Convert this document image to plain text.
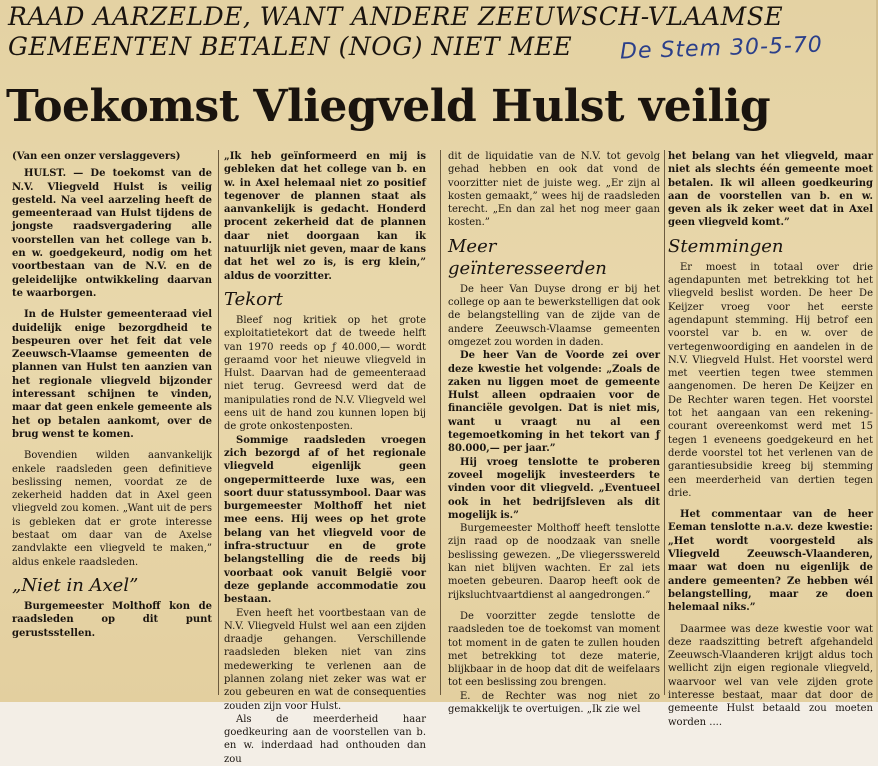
RAAD AARZELDE, WANT ANDERE ZEEUWSCH-VLAAMSE
GEMEENTEN BETALEN (NOG) NIET MEE	De Stem 30-5-70
Toekomst Vliegveld Hulst veilig

(Van een onzer verslaggevers)

HULST. — De toekomst van de N.V. Vliegveld Hulst is veilig gesteld. Na veel aarzeling heeft de gemeenteraad van Hulst tijdens de jongste raadsvergadering alle voorstellen van het college van b. en w. goedgekeurd, nodig om het voortbestaan van de N.V. en de geleidelijke ontwikkeling daarvan te waarborgen.

In de Hulster gemeenteraad viel duidelijk enige bezorgdheid te bespeuren over het feit dat vele Zeeuwsch-Vlaamse gemeenten de plannen van Hulst ten aanzien van het regionale vliegveld bijzonder interessant schijnen te vinden, maar dat geen enkele gemeente als het op betalen aankomt, over de brug wenst te komen.

Bovendien wilden aanvankelijk enkele raadsleden geen definitieve beslissing nemen, voordat ze de zekerheid hadden dat in Axel geen vliegveld zou komen. „Want uit de pers is gebleken dat er grote interesse bestaat om daar van de Axelse zandvlakte een vliegveld te maken,” aldus enkele raadsleden.

„Niet in Axel”

Burgemeester Molthoff kon de raadsleden op dit punt gerustsstellen.

„Ik heb geïnformeerd en mij is gebleken dat het college van b. en w. in Axel helemaal niet zo positief tegenover de plannen staat als aanvankelijk is gedacht. Honderd procent zekerheid dat de plannen daar niet doorgaan kan ik natuurlijk niet geven, maar de kans dat het wel zo is, is erg klein,” aldus de voorzitter.

Tekort

Bleef nog kritiek op het grote exploitatietekort dat de tweede helft van 1970 reeds op ƒ 40.000,— wordt geraamd voor het nieuwe vliegveld in Hulst. Daarvan had de gemeenteraad niet terug. Gevreesd werd dat de manipulaties rond de N.V. Vliegveld wel eens uit de hand zou kunnen lopen bij de grote onkostenposten.

Sommige raadsleden vroegen zich bezorgd af of het regionale vliegveld eigenlijk geen ongepermitteerde luxe was, een soort duur statussymbool. Daar was burgemeester Molthoff het niet mee eens. Hij wees op het grote belang van het vliegveld voor de infra-structuur en de grote belangstelling die de reeds bij voorbaat ook vanuit België voor deze geplande accommodatie zou bestaan.

Even heeft het voortbestaan van de N.V. Vliegveld Hulst wel aan een zijden draadje gehangen. Verschillende raadsleden bleken niet van zins medewerking te verlenen aan de plannen zolang niet zeker was wat er zou gebeuren en wat de consequenties zouden zijn voor Hulst.

Als de meerderheid haar goedkeuring aan de voorstellen van b. en w. inderdaad had onthouden dan zou

dit de liquidatie van de N.V. tot gevolg gehad hebben en ook dat vond de voorzitter niet de juiste weg. „Er zijn al kosten gemaakt,” wees hij de raadsleden terecht. „En dan zal het nog meer gaan kosten.”

Meer geïnteresseerden

De heer Van Duyse drong er bij het college op aan te bewerkstelligen dat ook de belangstelling van de zijde van de andere Zeeuwsch-Vlaamse gemeenten omgezet zou worden in daden.

De heer Van de Voorde zei over deze kwestie het volgende: „Zoals de zaken nu liggen moet de gemeente Hulst alleen opdraaien voor de financiële gevolgen. Dat is niet mis, want u vraagt nu al een tegemoetkoming in het tekort van ƒ 80.000,— per jaar.”

Hij vroeg tenslotte te proberen zoveel mogelijk investeerders te vinden voor dit vliegveld. „Eventueel ook in het bedrijfsleven als dit mogelijk is.”

Burgemeester Molthoff heeft tenslotte zijn raad op de noodzaak van snelle beslissing gewezen. „De vliegersswereld kan niet blijven wachten. Er zal iets moeten gebeuren. Daarop heeft ook de rijksluchtvaartdienst al aangedrongen.”

De voorzitter zegde tenslotte de raadsleden toe de toekomst van moment tot moment in de gaten te zullen houden met betrekking tot deze materie, blijkbaar in de hoop dat dit de weifelaars tot een beslissing zou brengen.

E. de Rechter was nog niet zo gemakkelijk te overtuigen. „Ik zie wel

het belang van het vliegveld, maar niet als slechts één gemeente moet betalen. Ik wil alleen goedkeuring aan de voorstellen van b. en w. geven als ik zeker weet dat in Axel geen vliegveld komt.”

Stemmingen

Er moest in totaal over drie agendapunten met betrekking tot het vliegveld beslist worden. De heer De Keijzer vroeg voor het eerste agendapunt stemming. Hij betrof een voorstel var b. en w. over de vertegenwoordiging en aandelen in de N.V. Vliegveld Hulst. Het voorstel werd met veertien tegen twee stemmen aangenomen. De heren De Keijzer en De Rechter waren tegen. Het voorstel tot het aangaan van een rekening-courant overeenkomst werd met 15 tegen 1 eveneens goedgekeurd en het derde voorstel tot het verlenen van de garantiesubsidie kreeg bij stemming een meerderheid van dertien tegen drie.

Het commentaar van de heer Eeman tenslotte n.a.v. deze kwestie: „Het wordt voorgesteld als Vliegveld Zeeuwsch-Vlaanderen, maar wat doen nu eigenlijk de andere gemeenten? Ze hebben wél belangstelling, maar ze doen helemaal niks.”

Daarmee was deze kwestie voor wat deze raadszitting betreft afgehandeld Zeeuwsch-Vlaanderen krijgt aldus toch wellicht zijn eigen regionale vliegveld, waarvoor wel van vele zijden grote interesse bestaat, maar dat door de gemeente Hulst betaald zou moeten worden ....
